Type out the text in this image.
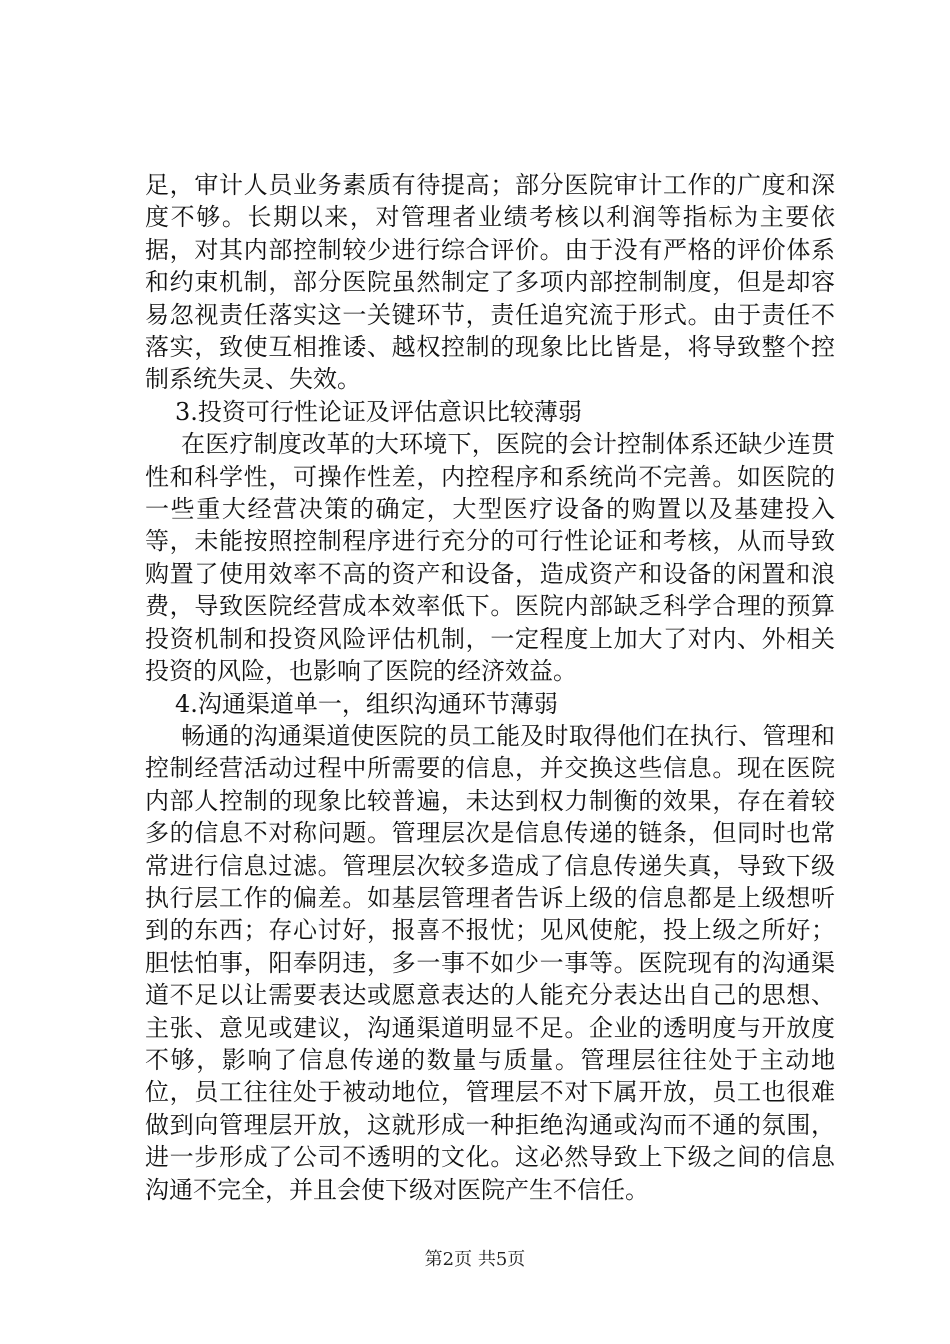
足，审计人员业务素质有待提高；部分医院审计工作的广度和深度不够。长期以来，对管理者业绩考核以利润等指标为主要依据，对其内部控制较少进行综合评价。由于没有严格的评价体系和约束机制，部分医院虽然制定了多项内部控制制度，但是却容易忽视责任落实这一关键环节，责任追究流于形式。由于责任不落实，致使互相推诿、越权控制的现象比比皆是，将导致整个控制系统失灵、失效。

3.投资可行性论证及评估意识比较薄弱

在医疗制度改革的大环境下，医院的会计控制体系还缺少连贯性和科学性，可操作性差，内控程序和系统尚不完善。如医院的一些重大经营决策的确定，大型医疗设备的购置以及基建投入等，未能按照控制程序进行充分的可行性论证和考核，从而导致购置了使用效率不高的资产和设备，造成资产和设备的闲置和浪费，导致医院经营成本效率低下。医院内部缺乏科学合理的预算投资机制和投资风险评估机制，一定程度上加大了对内、外相关投资的风险，也影响了医院的经济效益。

4.沟通渠道单一，组织沟通环节薄弱

畅通的沟通渠道使医院的员工能及时取得他们在执行、管理和控制经营活动过程中所需要的信息，并交换这些信息。现在医院内部人控制的现象比较普遍，未达到权力制衡的效果，存在着较多的信息不对称问题。管理层次是信息传递的链条，但同时也常常进行信息过滤。管理层次较多造成了信息传递失真，导致下级执行层工作的偏差。如基层管理者告诉上级的信息都是上级想听到的东西；存心讨好，报喜不报忧；见风使舵，投上级之所好；胆怯怕事，阳奉阴违，多一事不如少一事等。医院现有的沟通渠道不足以让需要表达或愿意表达的人能充分表达出自己的思想、主张、意见或建议，沟通渠道明显不足。企业的透明度与开放度不够，影响了信息传递的数量与质量。管理层往往处于主动地位，员工往往处于被动地位，管理层不对下属开放，员工也很难做到向管理层开放，这就形成一种拒绝沟通或沟而不通的氛围，进一步形成了公司不透明的文化。这必然导致上下级之间的信息沟通不完全，并且会使下级对医院产生不信任。

第2页 共5页
